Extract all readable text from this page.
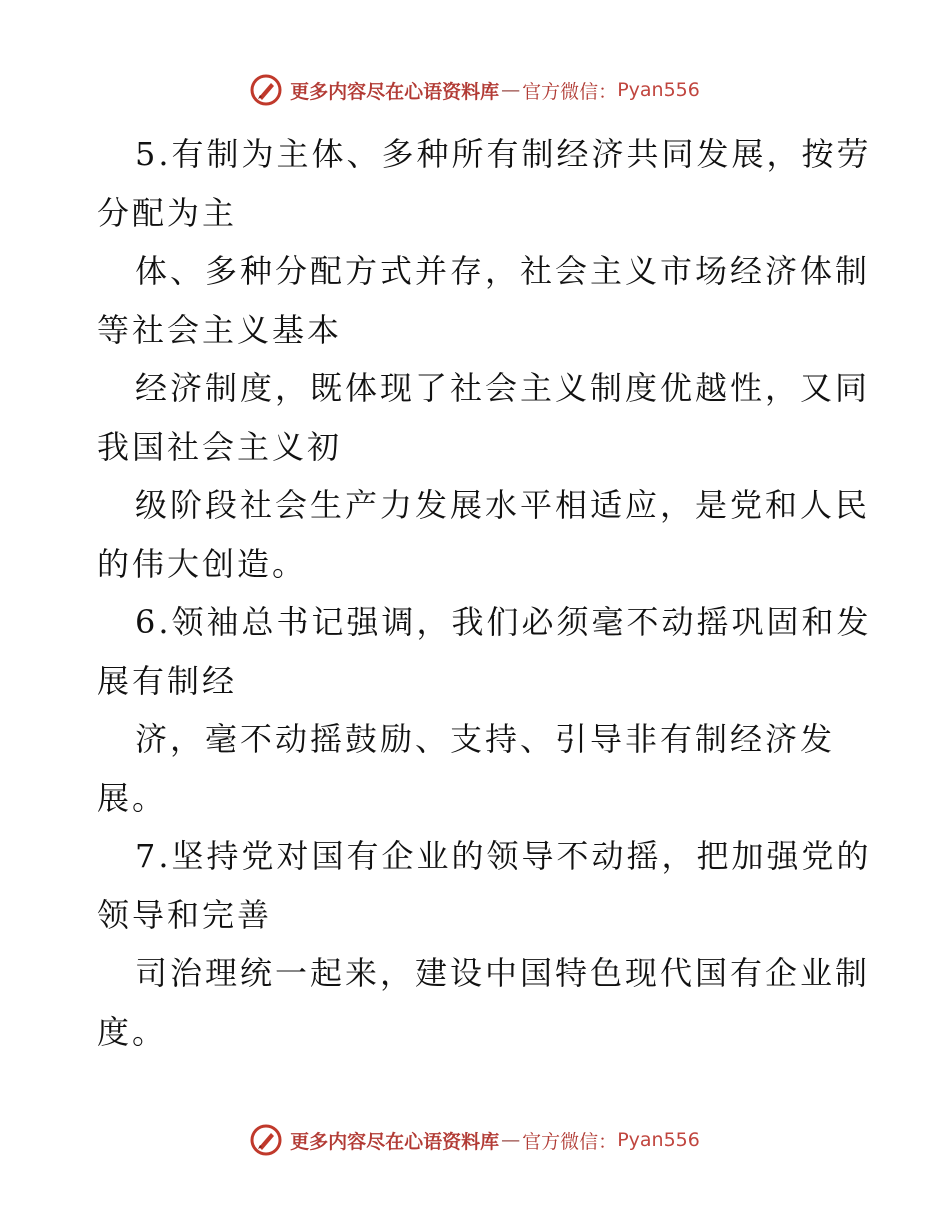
更多内容尽在心语资料库 — 官方微信： Pyan556
5.有制为主体、多种所有制经济共同发展，按劳
分配为主
体、多种分配方式并存，社会主义市场经济体制
等社会主义基本
经济制度，既体现了社会主义制度优越性，又同
我国社会主义初
级阶段社会生产力发展水平相适应，是党和人民
的伟大创造。
6.领袖总书记强调，我们必须毫不动摇巩固和发
展有制经
济，毫不动摇鼓励、支持、引导非有制经济发
展。
7.坚持党对国有企业的领导不动摇，把加强党的
领导和完善
司治理统一起来，建设中国特色现代国有企业制
度。
更多内容尽在心语资料库 — 官方微信： Pyan556
